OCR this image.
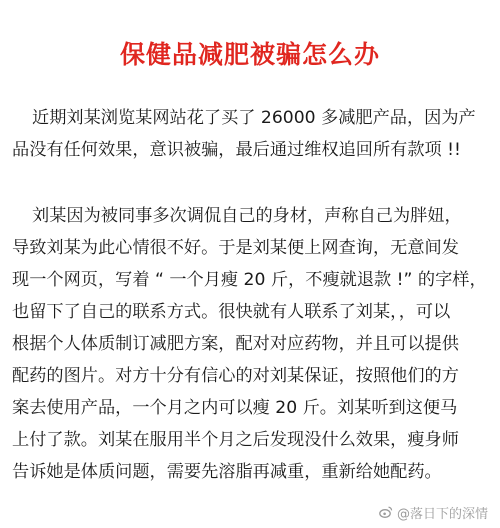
保健品减肥被骗怎么办
近期刘某浏览某网站花了买了 26000 多减肥产品，因为产
品没有任何效果，意识被骗，最后通过维权追回所有款项 !!
刘某因为被同事多次调侃自己的身材，声称自己为胖妞，
导致刘某为此心情很不好。于是刘某便上网查询，无意间发
现一个网页，写着 “ 一个月瘦 20 斤，不瘦就退款 !” 的字样，
也留下了自己的联系方式。很快就有人联系了刘某，，可以
根据个人体质制订减肥方案，配对对应药物，并且可以提供
配药的图片。对方十分有信心的对刘某保证，按照他们的方
案去使用产品，一个月之内可以瘦 20 斤。刘某听到这便马
上付了款。刘某在服用半个月之后发现没什么效果，瘦身师
告诉她是体质问题，需要先溶脂再减重，重新给她配药。
@落日下的深情
